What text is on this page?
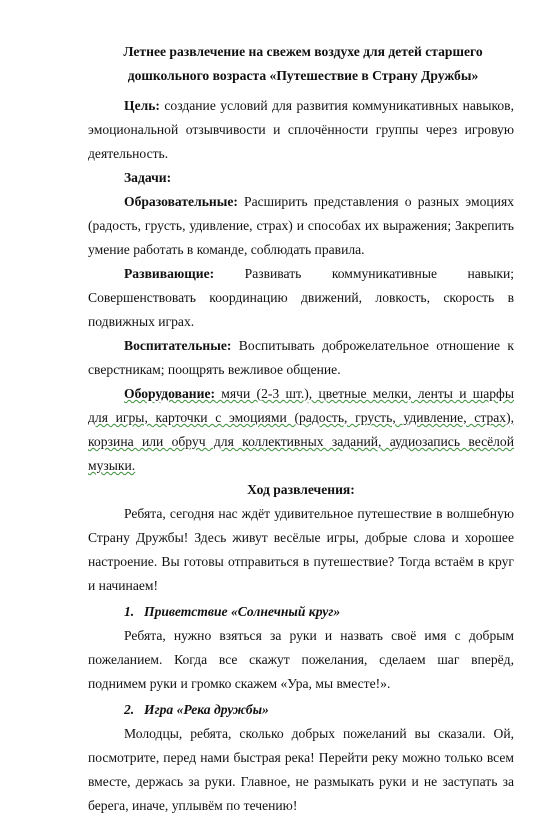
Летнее развлечение на свежем воздухе для детей старшего дошкольного возраста «Путешествие в Страну Дружбы»

Цель: создание условий для развития коммуникативных навыков, эмоциональной отзывчивости и сплочённости группы через игровую деятельность.

Задачи:

Образовательные: Расширить представления о разных эмоциях (радость, грусть, удивление, страх) и способах их выражения; Закрепить умение работать в команде, соблюдать правила.

Развивающие: Развивать коммуникативные навыки; Совершенствовать координацию движений, ловкость, скорость в подвижных играх.

Воспитательные: Воспитывать доброжелательное отношение к сверстникам; поощрять вежливое общение.

Оборудование: мячи (2-3 шт.), цветные мелки, ленты и шарфы для игры, карточки с эмоциями (радость, грусть, удивление, страх), корзина или обруч для коллективных заданий, аудиозапись весёлой музыки.

Ход развлечения:

Ребята, сегодня нас ждёт удивительное путешествие в волшебную Страну Дружбы! Здесь живут весёлые игры, добрые слова и хорошее настроение. Вы готовы отправиться в путешествие? Тогда встаём в круг и начинаем!

1. Приветствие «Солнечный круг»

Ребята, нужно взяться за руки и назвать своё имя с добрым пожеланием. Когда все скажут пожелания, сделаем шаг вперёд, поднимем руки и громко скажем «Ура, мы вместе!».

2. Игра «Река дружбы»

Молодцы, ребята, сколько добрых пожеланий вы сказали. Ой, посмотрите, перед нами быстрая река! Перейти реку можно только всем вместе, держась за руки. Главное, не размыкать руки и не заступать за берега, иначе, уплывём по течению!
